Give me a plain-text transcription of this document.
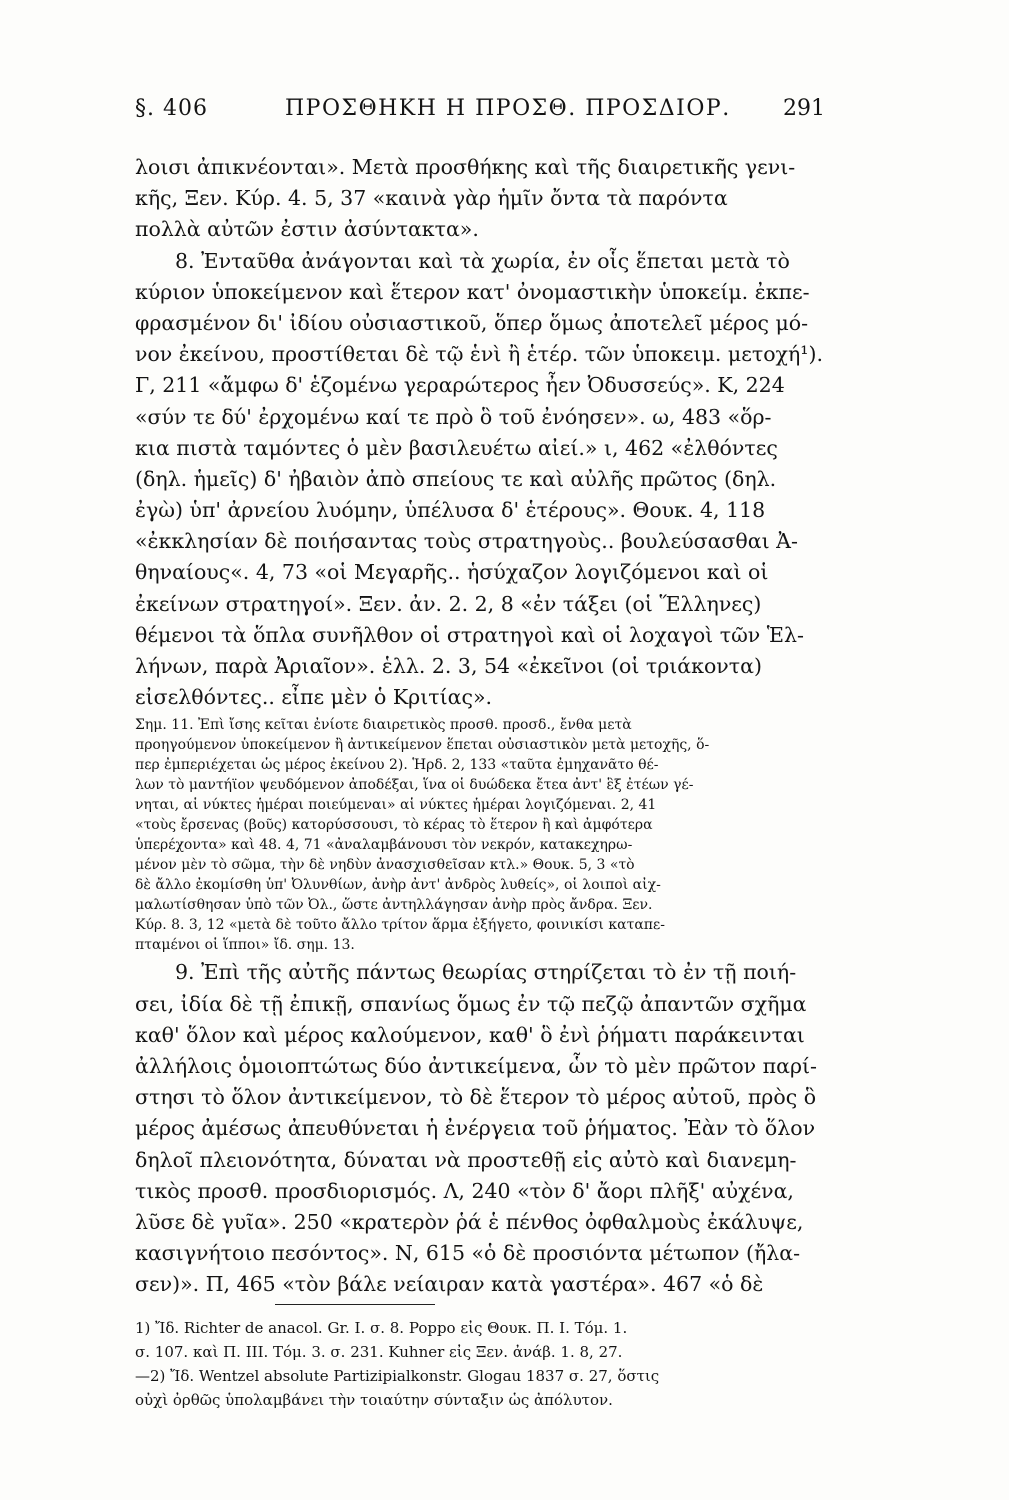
§. 406	ΠΡΟΣΘΗΚΗ Η ΠΡΟΣΘ. ΠΡΟΣΔΙΟΡ. 291
λοισι ἀπικνέονται». Μετὰ προσθήκης καὶ τῆς διαιρετικῆς γενι-
κῆς, Ξεν. Κύρ. 4. 5, 37 «καινὰ γὰρ ἡμῖν ὄντα τὰ παρόντα
πολλὰ αὐτῶν ἐστιν ἀσύντακτα».
8. Ἐνταῦθα ἀνάγονται καὶ τὰ χωρία, ἐν οἷς ἕπεται μετὰ τὸ
κύριον ὑποκείμενον καὶ ἕτερον κατ' ὀνομαστικὴν ὑποκείμ. ἐκπε-
φρασμένον δι' ἰδίου οὐσιαστικοῦ, ὅπερ ὅμως ἀποτελεῖ μέρος μό-
νον ἐκείνου, προστίθεται δὲ τῷ ἑνὶ ἢ ἑτέρ. τῶν ὑποκειμ. μετοχή¹).
Γ, 211 «ἄμφω δ' ἑζομένω γεραρώτερος ἦεν Ὀδυσσεύς». Κ, 224
«σύν τε δύ' ἐρχομένω καί τε πρὸ ὃ τοῦ ἐνόησεν». ω, 483 «ὅρ-
κια πιστὰ ταμόντες ὁ μὲν βασιλευέτω αἰεί.» ι, 462 «ἐλθόντες
(δηλ. ἡμεῖς) δ' ἠβαιὸν ἀπὸ σπείους τε καὶ αὐλῆς πρῶτος (δηλ.
ἐγὼ) ὑπ' ἀρνείου λυόμην, ὑπέλυσα δ' ἑτέρους». Θουκ. 4, 118
«ἐκκλησίαν δὲ ποιήσαντας τοὺς στρατηγοὺς.. βουλεύσασθαι Ἀ-
θηναίους«. 4, 73 «οἱ Μεγαρῆς.. ἡσύχαζον λογιζόμενοι καὶ οἱ
ἐκείνων στρατηγοί». Ξεν. ἀν. 2. 2, 8 «ἐν τάξει (οἱ Ἕλληνες)
θέμενοι τὰ ὅπλα συνῆλθον οἱ στρατηγοὶ καὶ οἱ λοχαγοὶ τῶν Ἑλ-
λήνων, παρὰ Ἀριαῖον». ἑλλ. 2. 3, 54 «ἐκεῖνοι (οἱ τριάκοντα)
εἰσελθόντες.. εἶπε μὲν ὁ Κριτίας».
Σημ. 11. Ἐπὶ ἴσης κεῖται ἐνίοτε διαιρετικὸς προσθ. προσδ., ἔνθα μετὰ
προηγούμενον ὑποκείμενον ἢ ἀντικείμενον ἕπεται οὐσιαστικὸν μετὰ μετοχῆς, ὅ-
περ ἐμπεριέχεται ὡς μέρος ἐκείνου 2). Ἡρδ. 2, 133 «ταῦτα ἐμηχανᾶτο θέ-
λων τὸ μαντήϊον ψευδόμενον ἀποδέξαι, ἵνα οἱ δυώδεκα ἔτεα ἀντ' ἓξ ἐτέων γέ-
νηται, αἱ νύκτες ἡμέραι ποιεύμεναι» αἱ νύκτες ἡμέραι λογιζόμεναι. 2, 41
«τοὺς ἔρσενας (βοῦς) κατορύσσουσι, τὸ κέρας τὸ ἕτερον ἢ καὶ ἀμφότερα
ὑπερέχοντα» καὶ 48. 4, 71 «ἀναλαμβάνουσι τὸν νεκρόν, κατακεχηρω-
μένον μὲν τὸ σῶμα, τὴν δὲ νηδὺν ἀνασχισθεῖσαν κτλ.» Θουκ. 5, 3 «τὸ
δὲ ἄλλο ἐκομίσθη ὑπ' Ὀλυνθίων, ἀνὴρ ἀντ' ἀνδρὸς λυθείς», οἱ λοιποὶ αἰχ-
μαλωτίσθησαν ὑπὸ τῶν Ὀλ., ὥστε ἀντηλλάγησαν ἀνὴρ πρὸς ἄνδρα. Ξεν.
Κύρ. 8. 3, 12 «μετὰ δὲ τοῦτο ἄλλο τρίτον ἅρμα ἐξήγετο, φοινικίσι καταπε-
πταμένοι οἱ ἵπποι» ἴδ. σημ. 13.
9. Ἐπὶ τῆς αὐτῆς πάντως θεωρίας στηρίζεται τὸ ἐν τῇ ποιή-
σει, ἰδία δὲ τῇ ἐπικῇ, σπανίως ὅμως ἐν τῷ πεζῷ ἀπαντῶν σχῆμα
καθ' ὅλον καὶ μέρος καλούμενον, καθ' ὃ ἐνὶ ῥήματι παράκεινται
ἀλλήλοις ὁμοιοπτώτως δύο ἀντικείμενα, ὧν τὸ μὲν πρῶτον παρί-
στησι τὸ ὅλον ἀντικείμενον, τὸ δὲ ἕτερον τὸ μέρος αὐτοῦ, πρὸς ὃ
μέρος ἀμέσως ἀπευθύνεται ἡ ἐνέργεια τοῦ ῥήματος. Ἐὰν τὸ ὅλον
δηλοῖ πλειονότητα, δύναται νὰ προστεθῇ εἰς αὐτὸ καὶ διανεμη-
τικὸς προσθ. προσδιορισμός. Λ, 240 «τὸν δ' ἄορι πλῆξ' αὐχένα,
λῦσε δὲ γυῖα». 250 «κρατερὸν ῥά ἑ πένθος ὀφθαλμοὺς ἐκάλυψε,
κασιγνήτοιο πεσόντος». Ν, 615 «ὁ δὲ προσιόντα μέτωπον (ἤλα-
σεν)». Π, 465 «τὸν βάλε νείαιραν κατὰ γαστέρα». 467 «ὁ δὲ
1) Ἴδ. Richter de anacol. Gr. I. σ. 8. Poppo εἰς Θουκ. Π. I. Τόμ. 1.
σ. 107. καὶ Π. III. Τόμ. 3. σ. 231. Kuhner εἰς Ξεν. ἀνάβ. 1. 8, 27.
—2) Ἴδ. Wentzel absolute Partizipialkonstr. Glogau 1837 σ. 27, ὅστις
οὐχὶ ὀρθῶς ὑπολαμβάνει τὴν τοιαύτην σύνταξιν ὡς ἀπόλυτον.
